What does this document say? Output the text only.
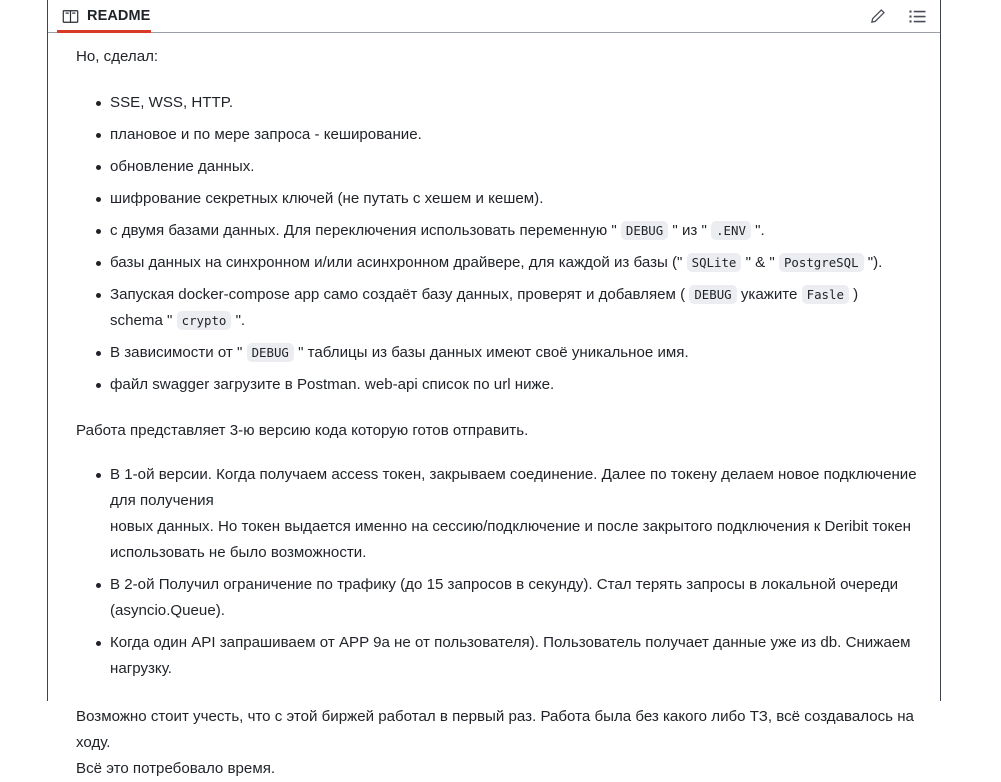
README

Но, сделал:

SSE, WSS, HTTP.
плановое и по мере запроса - кеширование.
обновление данных.
шифрование секретных ключей (не путать с хешем и кешем).
с двумя базами данных. Для переключения использовать переменную " DEBUG " из " .ENV ".
базы данных на синхронном и/или асинхронном драйвере, для каждой из базы (" SQLite " & " PostgreSQL ").
Запуская docker-compose app само создаёт базу данных, проверят и добавляем ( DEBUG укажите Fasle )
schema " crypto ".
В зависимости от " DEBUG " таблицы из базы данных имеют своё уникальное имя.
файл swagger загрузите в Postman. web-api список по url ниже.

Работа представляет 3-ю версию кода которую готов отправить.

В 1-ой версии. Когда получаем access токен, закрываем соединение. Далее по токену делаем новое подключение для получения
новых данных. Но токен выдается именно на сессию/подключение и после закрытого подключения к Deribit токен использовать не было возможности.
В 2-ой Получил ограничение по трафику (до 15 запросов в секунду). Стал терять запросы в локальной очереди (asyncio.Queue).
Когда один API запрашиваем от APP 9а не от пользователя). Пользователь получает данные уже из db. Снижаем нагрузку.

Возможно стоит учесть, что с этой биржей работал в первый раз. Работа была без какого либо ТЗ, всё создавалось на ходу.

Всё это потребовало время.
